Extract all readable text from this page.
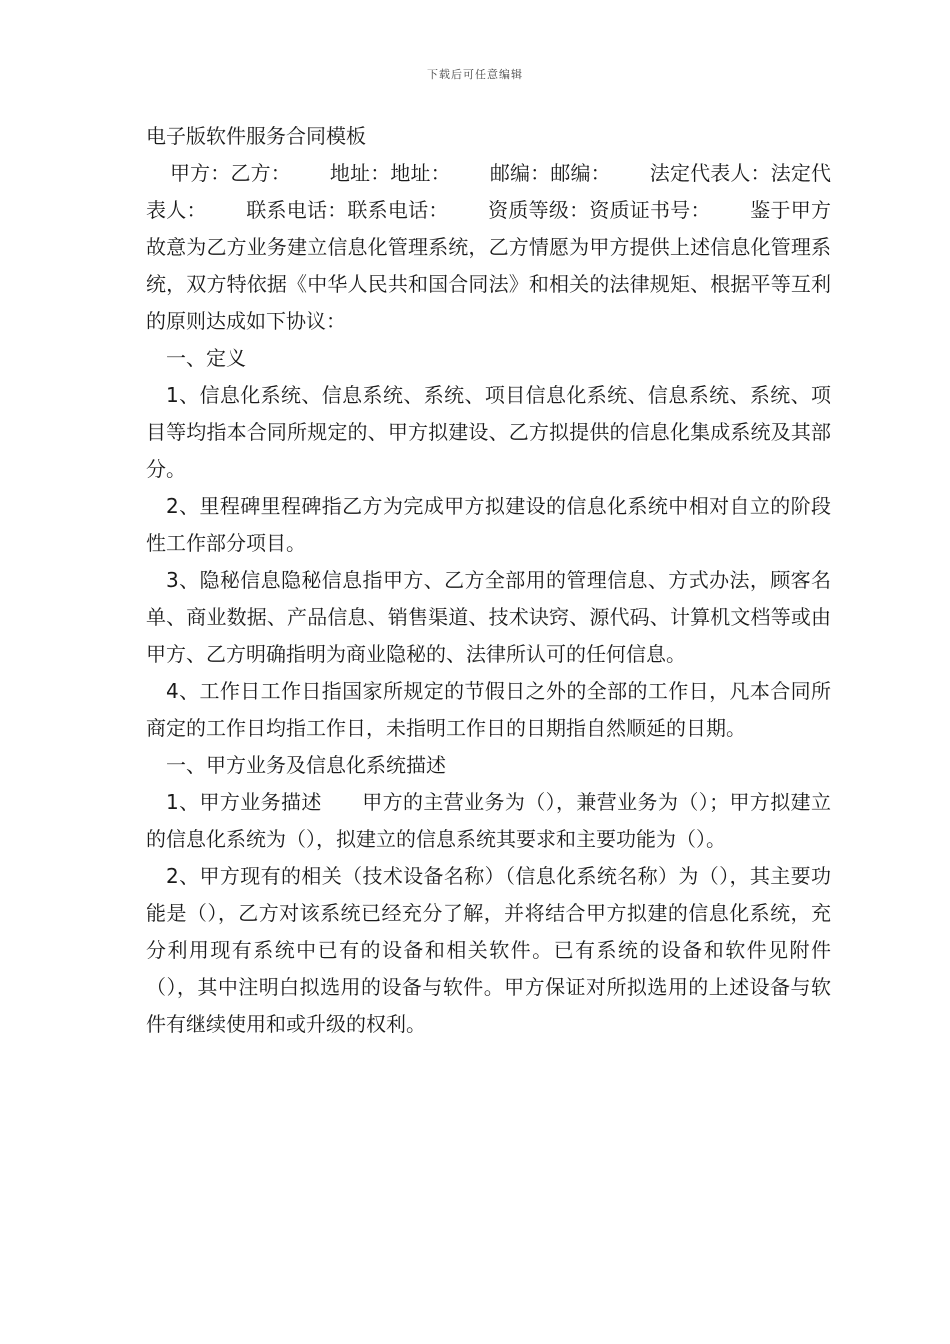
下载后可任意编辑
电子版软件服务合同模板

甲方：乙方：      地址：地址：      邮编：邮编：      法定代表人：法定代表人：      联系电话：联系电话：      资质等级：资质证书号：      鉴于甲方故意为乙方业务建立信息化管理系统，乙方情愿为甲方提供上述信息化管理系统，双方特依据《中华人民共和国合同法》和相关的法律规矩、根据平等互利的原则达成如下协议：

一、定义

1、信息化系统、信息系统、系统、项目信息化系统、信息系统、系统、项目等均指本合同所规定的、甲方拟建设、乙方拟提供的信息化集成系统及其部分。

2、里程碑里程碑指乙方为完成甲方拟建设的信息化系统中相对自立的阶段性工作部分项目。

3、隐秘信息隐秘信息指甲方、乙方全部用的管理信息、方式办法，顾客名单、商业数据、产品信息、销售渠道、技术诀窍、源代码、计算机文档等或由甲方、乙方明确指明为商业隐秘的、法律所认可的任何信息。

4、工作日工作日指国家所规定的节假日之外的全部的工作日，凡本合同所商定的工作日均指工作日，未指明工作日的日期指自然顺延的日期。

一、甲方业务及信息化系统描述

1、甲方业务描述      甲方的主营业务为（），兼营业务为（）；甲方拟建立的信息化系统为（），拟建立的信息系统其要求和主要功能为（）。

2、甲方现有的相关（技术设备名称）（信息化系统名称）为（），其主要功能是（），乙方对该系统已经充分了解，并将结合甲方拟建的信息化系统，充分利用现有系统中已有的设备和相关软件。已有系统的设备和软件见附件（），其中注明白拟选用的设备与软件。甲方保证对所拟选用的上述设备与软件有继续使用和或升级的权利。
